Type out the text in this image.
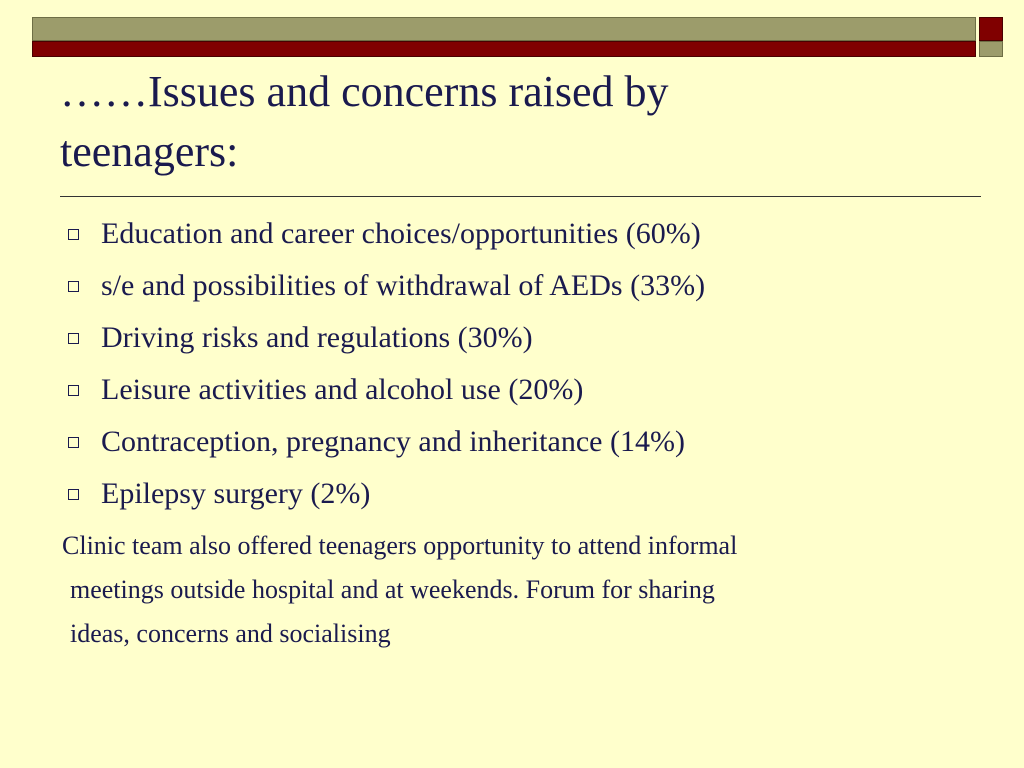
……Issues and concerns raised by
teenagers:
Education and career choices/opportunities (60%)
s/e and possibilities of withdrawal of AEDs (33%)
Driving risks and regulations (30%)
Leisure activities and alcohol use (20%)
Contraception, pregnancy and inheritance (14%)
Epilepsy surgery (2%)

Clinic team also offered teenagers opportunity to attend informal
meetings outside hospital and at weekends. Forum for sharing
ideas, concerns and socialising
